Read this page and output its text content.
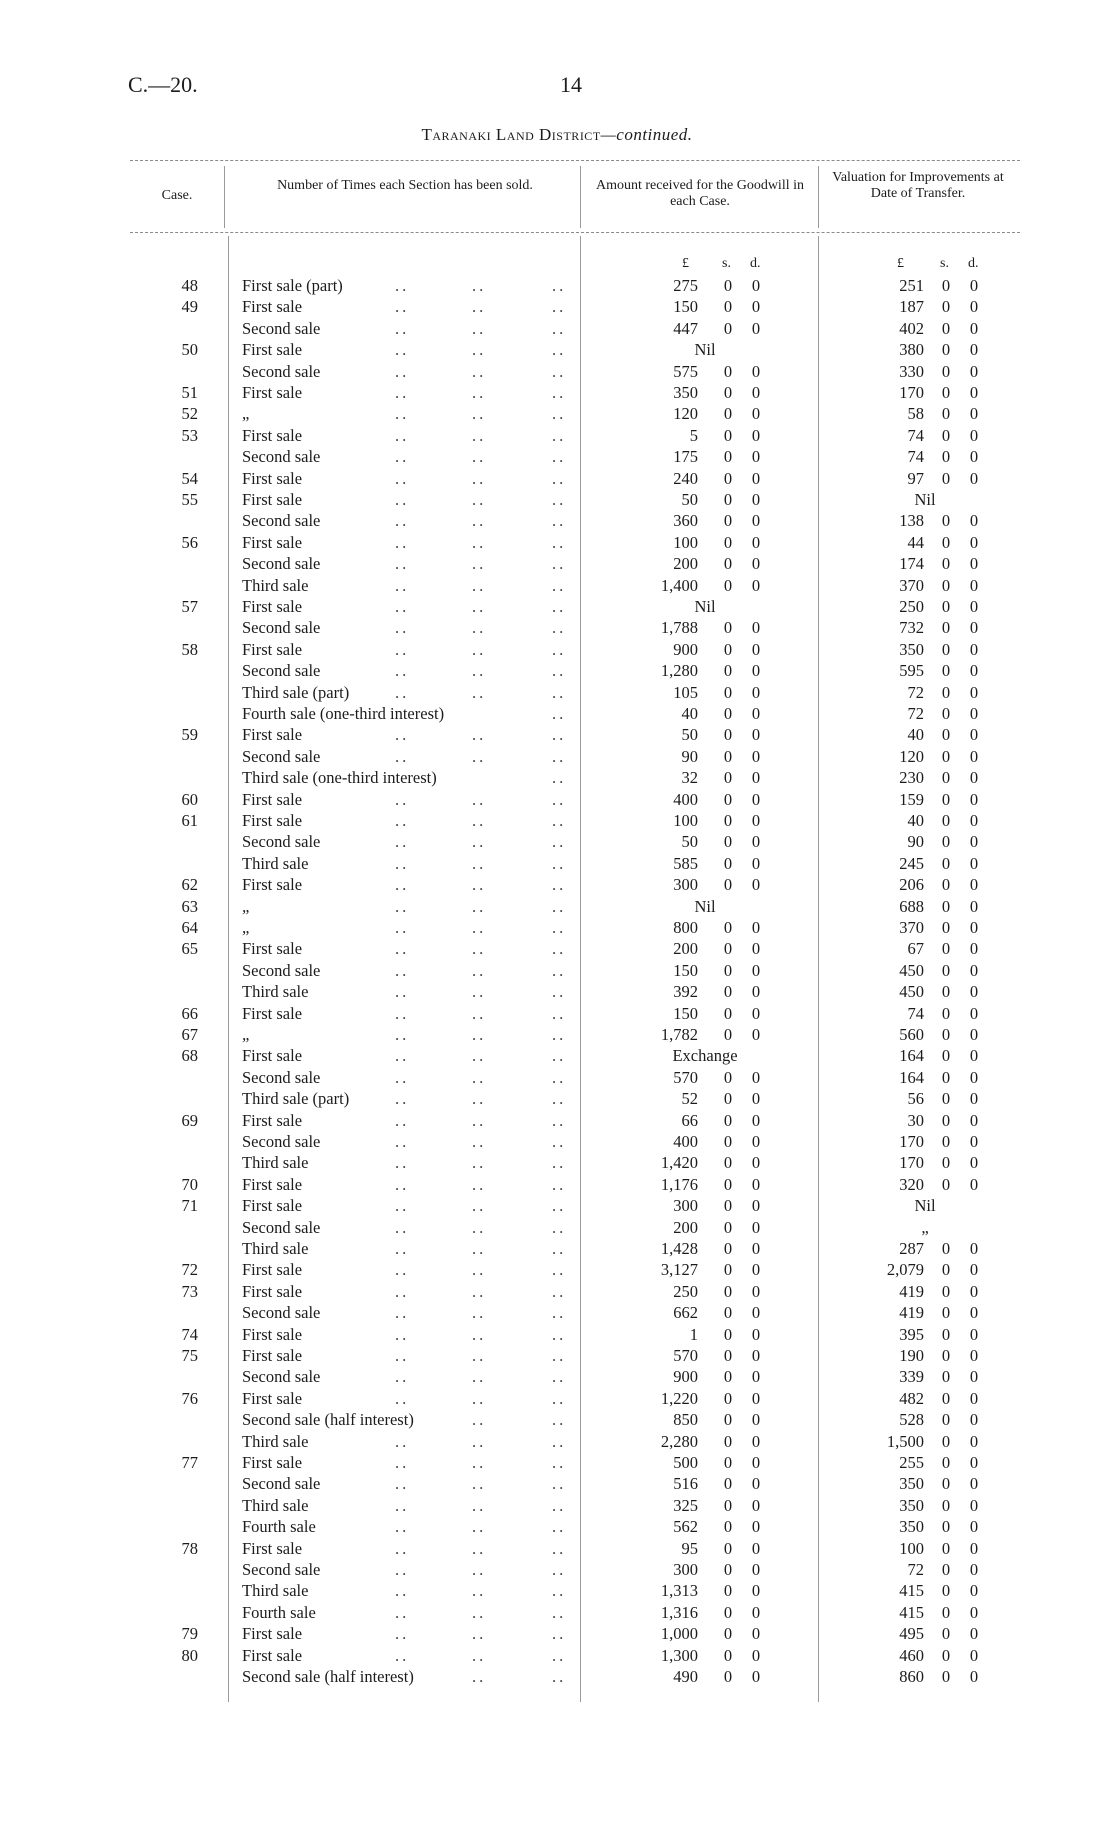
C.—20.	14
Taranaki Land District—continued.
Case.
Number of Times each Section has been sold.	Amount received for the Goodwill in each Case.
Valuation for Improvements at Date of Transfer.
£ s. d.	£	s. d.
48	First sale (part)	..	..	..	275 0 0	251 0 0
49	First sale	..	..	..	150 0 0	187 0 0
Second sale	..	..	..	447 0 0	402 0 0
50	First sale	..	..	..	Nil	380 0 0
Second sale	..	..	..	575 0 0	330 0 0
51	First sale	..	..	..	350 0 0	170 0 0
52	„	..	..	..	120 0 0	58 0 0
53	First sale	..	..	..	5 0 0	74 0 0
Second sale	..	..	..	175 0 0	74 0 0
54	First sale	..	..	..	240 0 0	97 0 0
55	First sale	..	..	..	50 0 0	Nil
Second sale	..	..	..	360 0 0	138 0 0
56	First sale	..	..	..	100 0 0	44 0 0
Second sale	..	..	..	200 0 0	174 0 0
Third sale	..	..	..	1,400 0 0	370 0 0
57	First sale	..	..	..	Nil	250 0 0
Second sale	..	..	..	1,788 0 0	732 0 0
58	First sale	..	..	..	900 0 0	350 0 0
Second sale	..	..	..	1,280 0 0	595 0 0
Third sale (part)	..	..	..	105 0 0	72 0 0
Fourth sale (one-third interest)	..	40 0 0	72 0 0
59	First sale	..	..	..	50 0 0	40 0 0
Second sale	..	..	..	90 0 0	120 0 0
Third sale (one-third interest)	..	32 0 0	230 0 0
60	First sale	..	..	..	400 0 0	159 0 0
61	First sale	..	..	..	100 0 0	40 0 0
Second sale	..	..	..	50 0 0	90 0 0
Third sale	..	..	..	585 0 0	245 0 0
62	First sale	..	..	..	300 0 0	206 0 0
63	„	..	..	..	Nil	688 0 0
64	„	..	..	..	800 0 0	370 0 0
65	First sale	..	..	..	200 0 0	67 0 0
Second sale	..	..	..	150 0 0	450 0 0
Third sale	..	..	..	392 0 0	450 0 0
66	First sale	..	..	..	150 0 0	74 0 0
67	„	..	..	..	1,782 0 0	560 0 0
68	First sale	..	..	..	Exchange	164 0 0
Second sale	..	..	..	570 0 0	164 0 0
Third sale (part)	..	..	..	52 0 0	56 0 0
69	First sale	..	..	..	66 0 0	30 0 0
Second sale	..	..	..	400 0 0	170 0 0
Third sale	..	..	..	1,420 0 0	170 0 0
70	First sale	..	..	..	1,176 0 0	320 0 0
71	First sale	..	..	..	300 0 0	Nil
Second sale	..	..	..	200 0 0	„
Third sale	..	..	..	1,428 0 0	287 0 0
72	First sale	..	..	..	3,127 0 0	2,079 0 0
73	First sale	..	..	..	250 0 0	419 0 0
Second sale	..	..	..	662 0 0	419 0 0
74	First sale	..	..	..	1 0 0	395 0 0
75	First sale	..	..	..	570 0 0	190 0 0
Second sale	..	..	..	900 0 0	339 0 0
76	First sale	..	..	..	1,220 0 0	482 0 0
Second sale (half interest)	..	..	850 0 0	528 0 0
Third sale	..	..	..	2,280 0 0	1,500 0 0
77	First sale	..	..	..	500 0 0	255 0 0
Second sale	..	..	..	516 0 0	350 0 0
Third sale	..	..	..	325 0 0	350 0 0
Fourth sale	..	..	..	562 0 0	350 0 0
78	First sale	..	..	..	95 0 0	100 0 0
Second sale	..	..	..	300 0 0	72 0 0
Third sale	..	..	..	1,313 0 0	415 0 0
Fourth sale	..	..	..	1,316 0 0	415 0 0
79	First sale	..	..	..	1,000 0 0	495 0 0
80	First sale	..	..	..	1,300 0 0	460 0 0
Second sale (half interest)	..	..	490 0 0	860 0 0
